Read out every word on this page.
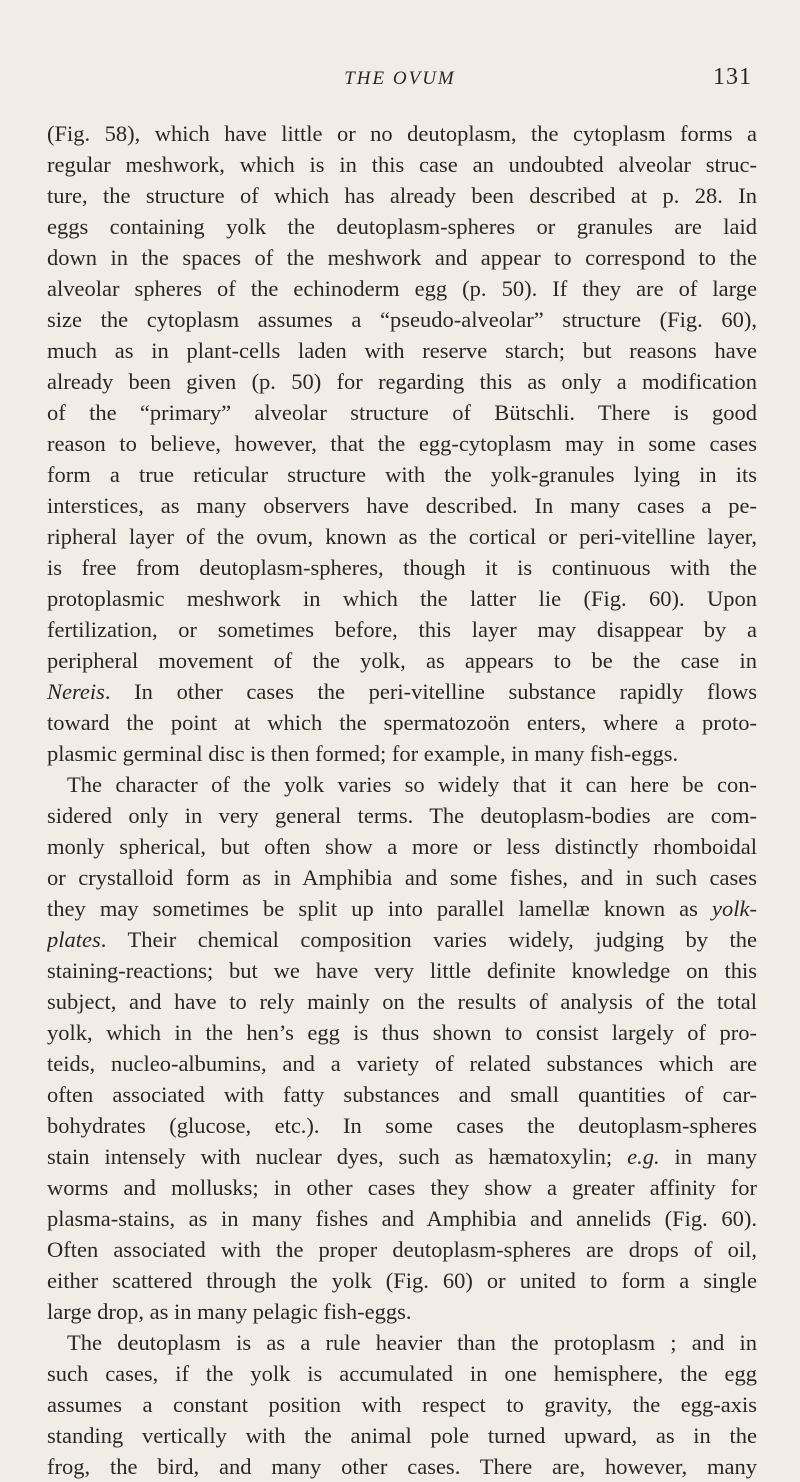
THE OVUM	131
(Fig. 58), which have little or no deutoplasm, the cytoplasm forms a
regular meshwork, which is in this case an undoubted alveolar struc-
ture, the structure of which has already been described at p. 28. In
eggs containing yolk the deutoplasm-spheres or granules are laid
down in the spaces of the meshwork and appear to correspond to the
alveolar spheres of the echinoderm egg (p. 50). If they are of large
size the cytoplasm assumes a “pseudo-alveolar” structure (Fig. 60),
much as in plant-cells laden with reserve starch; but reasons have
already been given (p. 50) for regarding this as only a modification
of the “primary” alveolar structure of Bütschli. There is good
reason to believe, however, that the egg-cytoplasm may in some cases
form a true reticular structure with the yolk-granules lying in its
interstices, as many observers have described. In many cases a pe-
ripheral layer of the ovum, known as the cortical or peri-vitelline layer,
is free from deutoplasm-spheres, though it is continuous with the
protoplasmic meshwork in which the latter lie (Fig. 60). Upon
fertilization, or sometimes before, this layer may disappear by a
peripheral movement of the yolk, as appears to be the case in
Nereis. In other cases the peri-vitelline substance rapidly flows
toward the point at which the spermatozoön enters, where a proto-
plasmic germinal disc is then formed; for example, in many fish-eggs.
The character of the yolk varies so widely that it can here be con-
sidered only in very general terms. The deutoplasm-bodies are com-
monly spherical, but often show a more or less distinctly rhomboidal
or crystalloid form as in Amphibia and some fishes, and in such cases
they may sometimes be split up into parallel lamellæ known as yolk-
plates. Their chemical composition varies widely, judging by the
staining-reactions; but we have very little definite knowledge on this
subject, and have to rely mainly on the results of analysis of the total
yolk, which in the hen’s egg is thus shown to consist largely of pro-
teids, nucleo-albumins, and a variety of related substances which are
often associated with fatty substances and small quantities of car-
bohydrates (glucose, etc.). In some cases the deutoplasm-spheres
stain intensely with nuclear dyes, such as hæmatoxylin; e.g. in many
worms and mollusks; in other cases they show a greater affinity for
plasma-stains, as in many fishes and Amphibia and annelids (Fig. 60).
Often associated with the proper deutoplasm-spheres are drops of oil,
either scattered through the yolk (Fig. 60) or united to form a single
large drop, as in many pelagic fish-eggs.
The deutoplasm is as a rule heavier than the protoplasm ; and in
such cases, if the yolk is accumulated in one hemisphere, the egg
assumes a constant position with respect to gravity, the egg-axis
standing vertically with the animal pole turned upward, as in the
frog, the bird, and many other cases. There are, however, many
